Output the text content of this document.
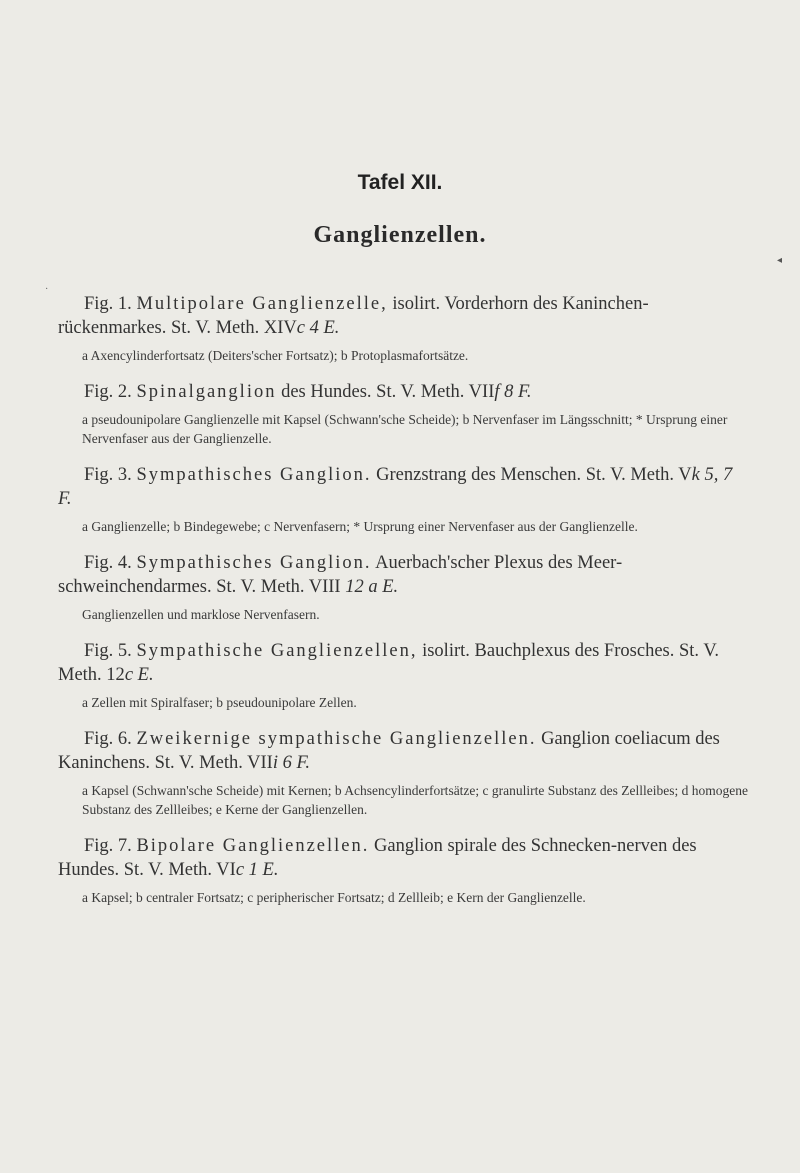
Tafel XII.
Ganglienzellen.
◂
·
Fig. 1. Multipolare Ganglienzelle, isolirt. Vorderhorn des Kaninchen-rückenmarkes. St. V. Meth. XIVc 4 E.
a Axencylinderfortsatz (Deiters'scher Fortsatz); b Protoplasmafortsätze.
Fig. 2. Spinalganglion des Hundes. St. V. Meth. VIIf 8 F.
a pseudounipolare Ganglienzelle mit Kapsel (Schwann'sche Scheide); b Nervenfaser im Längsschnitt; * Ursprung einer Nervenfaser aus der Ganglienzelle.
Fig. 3. Sympathisches Ganglion. Grenzstrang des Menschen. St. V. Meth. Vk 5, 7 F.
a Ganglienzelle; b Bindegewebe; c Nervenfasern; * Ursprung einer Nervenfaser aus der Ganglienzelle.
Fig. 4. Sympathisches Ganglion. Auerbach'scher Plexus des Meer-schweinchendarmes. St. V. Meth. VIII 12 a E.
Ganglienzellen und marklose Nervenfasern.
Fig. 5. Sympathische Ganglienzellen, isolirt. Bauchplexus des Frosches. St. V. Meth. 12c E.
a Zellen mit Spiralfaser; b pseudounipolare Zellen.
Fig. 6. Zweikernige sympathische Ganglienzellen. Ganglion coeliacum des Kaninchens. St. V. Meth. VIIi 6 F.
a Kapsel (Schwann'sche Scheide) mit Kernen; b Achsencylinderfortsätze; c granulirte Substanz des Zellleibes; d homogene Substanz des Zellleibes; e Kerne der Ganglienzellen.
Fig. 7. Bipolare Ganglienzellen. Ganglion spirale des Schnecken-nerven des Hundes. St. V. Meth. VIc 1 E.
a Kapsel; b centraler Fortsatz; c peripherischer Fortsatz; d Zellleib; e Kern der Ganglienzelle.
